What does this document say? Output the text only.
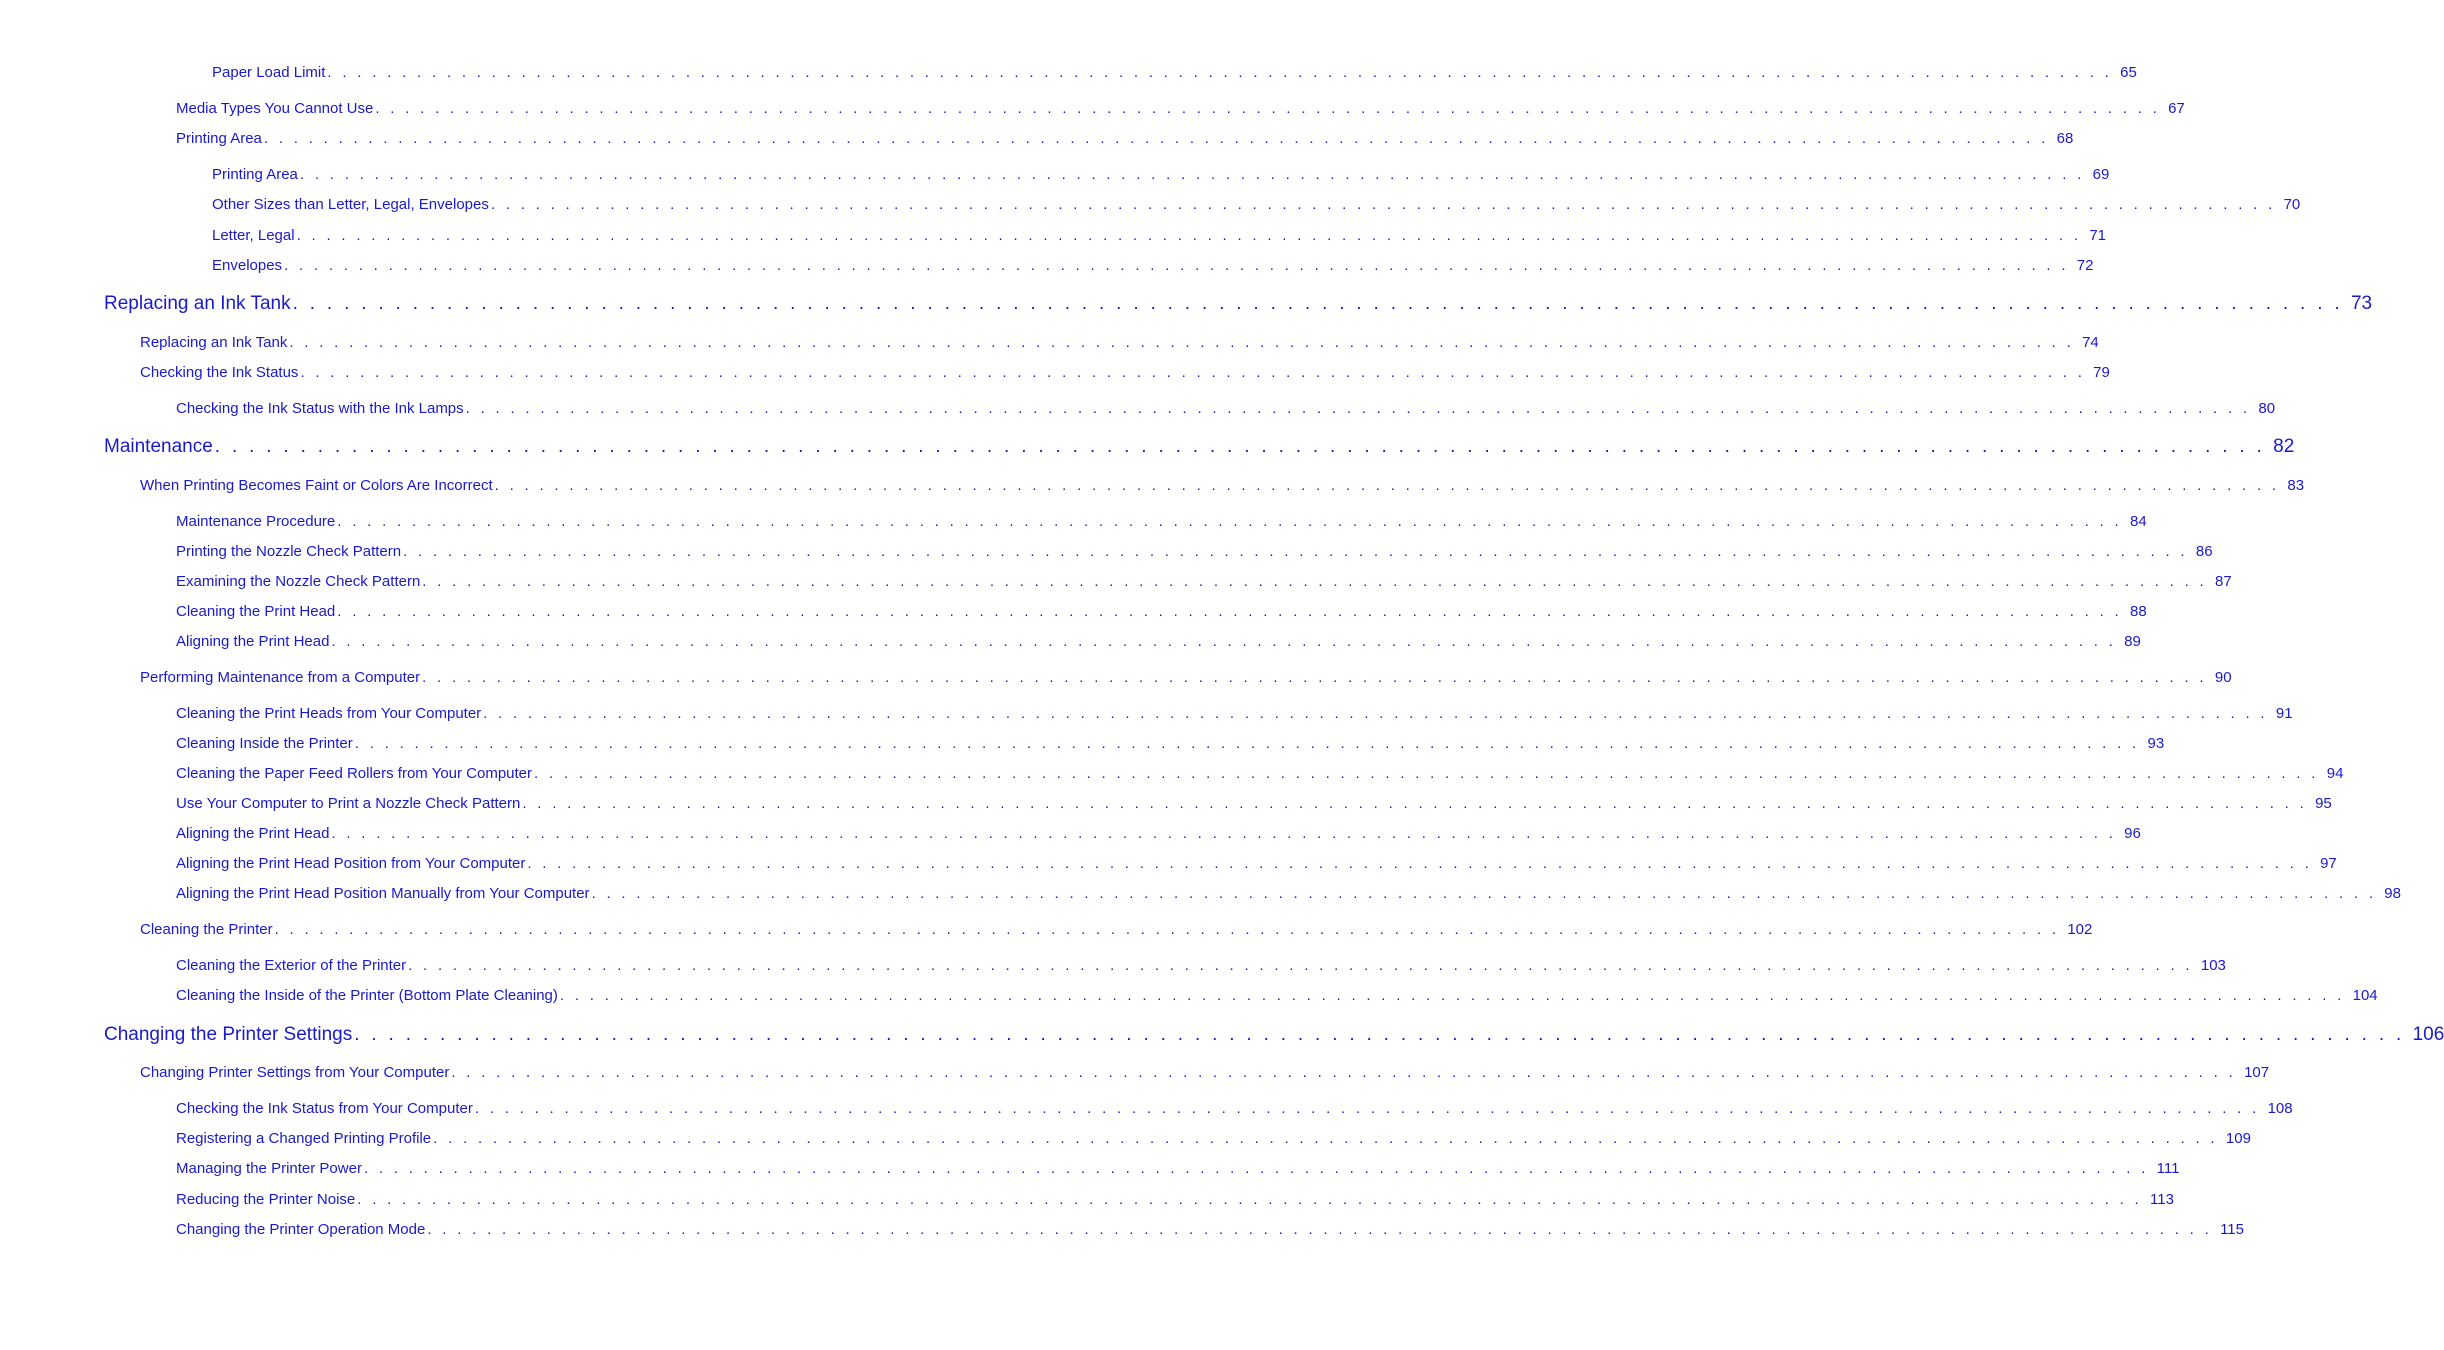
Paper Load Limit . . . . . . . . . . . . . . . . . . . . . . . . . . . . . . . . . . . . . . . . . . . . . . . . . . . . . . . . . . . . . . . . . . . . . . . . . . . . . . . . . . . . . . . . . . . . . . . . . . . . . . . . . . . . . . . . . . . . . . . . 65
Media Types You Cannot Use . . . . . . . . . . . . . . . . . . . . . . . . . . . . . . . . . . . . . . . . . . . . . . . . . . . . . . . . . . . . . . . . . . . . . . . . . . . . . . . . . . . . . . . . . . . . . . . . . . . . . . . . . . . . . . . . . . . . . . . . 67
Printing Area . . . . . . . . . . . . . . . . . . . . . . . . . . . . . . . . . . . . . . . . . . . . . . . . . . . . . . . . . . . . . . . . . . . . . . . . . . . . . . . . . . . . . . . . . . . . . . . . . . . . . . . . . . . . . . . . . . . . . . . . 68
Printing Area . . . . . . . . . . . . . . . . . . . . . . . . . . . . . . . . . . . . . . . . . . . . . . . . . . . . . . . . . . . . . . . . . . . . . . . . . . . . . . . . . . . . . . . . . . . . . . . . . . . . . . . . . . . . . . . . . . . . . . . . 69
Other Sizes than Letter, Legal, Envelopes . . . . . . . . . . . . . . . . . . . . . . . . . . . . . . . . . . . . . . . . . . . . . . . . . . . . . . . . . . . . . . . . . . . . . . . . . . . . . . . . . . . . . . . . . . . . . . . . . . . . . . . . . . . . . . . . . . . . . . . . 70
Letter, Legal . . . . . . . . . . . . . . . . . . . . . . . . . . . . . . . . . . . . . . . . . . . . . . . . . . . . . . . . . . . . . . . . . . . . . . . . . . . . . . . . . . . . . . . . . . . . . . . . . . . . . . . . . . . . . . . . . . . . . . . . 71
Envelopes . . . . . . . . . . . . . . . . . . . . . . . . . . . . . . . . . . . . . . . . . . . . . . . . . . . . . . . . . . . . . . . . . . . . . . . . . . . . . . . . . . . . . . . . . . . . . . . . . . . . . . . . . . . . . . . . . . . . . . . . 72
Replacing an Ink Tank . . . . . . . . . . . . . . . . . . . . . . . . . . . . . . . . . . . . . . . . . . . . . . . . . . . . . . . . . . . . . . . . . . . . . . . . . . . . . . . . . . . . . . . . . . . . . . . . . . . . . . . . . . . . . . . . . . . . . . . . 73
Replacing an Ink Tank . . . . . . . . . . . . . . . . . . . . . . . . . . . . . . . . . . . . . . . . . . . . . . . . . . . . . . . . . . . . . . . . . . . . . . . . . . . . . . . . . . . . . . . . . . . . . . . . . . . . . . . . . . . . . . . . . . . . . . . . 74
Checking the Ink Status . . . . . . . . . . . . . . . . . . . . . . . . . . . . . . . . . . . . . . . . . . . . . . . . . . . . . . . . . . . . . . . . . . . . . . . . . . . . . . . . . . . . . . . . . . . . . . . . . . . . . . . . . . . . . . . . . . . . . . . . 79
Checking the Ink Status with the Ink Lamps . . . . . . . . . . . . . . . . . . . . . . . . . . . . . . . . . . . . . . . . . . . . . . . . . . . . . . . . . . . . . . . . . . . . . . . . . . . . . . . . . . . . . . . . . . . . . . . . . . . . . . . . . . . . . . . . . . . . . . . . 80
Maintenance . . . . . . . . . . . . . . . . . . . . . . . . . . . . . . . . . . . . . . . . . . . . . . . . . . . . . . . . . . . . . . . . . . . . . . . . . . . . . . . . . . . . . . . . . . . . . . . . . . . . . . . . . . . . . . . . . . . . . . . . 82
When Printing Becomes Faint or Colors Are Incorrect . . . . . . . . . . . . . . . . . . . . . . . . . . . . . . . . . . . . . . . . . . . . . . . . . . . . . . . . . . . . . . . . . . . . . . . . . . . . . . . . . . . . . . . . . . . . . . . . . . . . . . . . . . . . . . . . . . . . . . . . 83
Maintenance Procedure . . . . . . . . . . . . . . . . . . . . . . . . . . . . . . . . . . . . . . . . . . . . . . . . . . . . . . . . . . . . . . . . . . . . . . . . . . . . . . . . . . . . . . . . . . . . . . . . . . . . . . . . . . . . . . . . . . . . . . . . 84
Printing the Nozzle Check Pattern . . . . . . . . . . . . . . . . . . . . . . . . . . . . . . . . . . . . . . . . . . . . . . . . . . . . . . . . . . . . . . . . . . . . . . . . . . . . . . . . . . . . . . . . . . . . . . . . . . . . . . . . . . . . . . . . . . . . . . . . 86
Examining the Nozzle Check Pattern . . . . . . . . . . . . . . . . . . . . . . . . . . . . . . . . . . . . . . . . . . . . . . . . . . . . . . . . . . . . . . . . . . . . . . . . . . . . . . . . . . . . . . . . . . . . . . . . . . . . . . . . . . . . . . . . . . . . . . . . 87
Cleaning the Print Head . . . . . . . . . . . . . . . . . . . . . . . . . . . . . . . . . . . . . . . . . . . . . . . . . . . . . . . . . . . . . . . . . . . . . . . . . . . . . . . . . . . . . . . . . . . . . . . . . . . . . . . . . . . . . . . . . . . . . . . . 88
Aligning the Print Head . . . . . . . . . . . . . . . . . . . . . . . . . . . . . . . . . . . . . . . . . . . . . . . . . . . . . . . . . . . . . . . . . . . . . . . . . . . . . . . . . . . . . . . . . . . . . . . . . . . . . . . . . . . . . . . . . . . . . . . . 89
Performing Maintenance from a Computer . . . . . . . . . . . . . . . . . . . . . . . . . . . . . . . . . . . . . . . . . . . . . . . . . . . . . . . . . . . . . . . . . . . . . . . . . . . . . . . . . . . . . . . . . . . . . . . . . . . . . . . . . . . . . . . . . . . . . . . . 90
Cleaning the Print Heads from Your Computer . . . . . . . . . . . . . . . . . . . . . . . . . . . . . . . . . . . . . . . . . . . . . . . . . . . . . . . . . . . . . . . . . . . . . . . . . . . . . . . . . . . . . . . . . . . . . . . . . . . . . . . . . . . . . . . . . . . . . . . . 91
Cleaning Inside the Printer . . . . . . . . . . . . . . . . . . . . . . . . . . . . . . . . . . . . . . . . . . . . . . . . . . . . . . . . . . . . . . . . . . . . . . . . . . . . . . . . . . . . . . . . . . . . . . . . . . . . . . . . . . . . . . . . . . . . . . . . 93
Cleaning the Paper Feed Rollers from Your Computer . . . . . . . . . . . . . . . . . . . . . . . . . . . . . . . . . . . . . . . . . . . . . . . . . . . . . . . . . . . . . . . . . . . . . . . . . . . . . . . . . . . . . . . . . . . . . . . . . . . . . . . . . . . . . . . . . . . . . . . . 94
Use Your Computer to Print a Nozzle Check Pattern . . . . . . . . . . . . . . . . . . . . . . . . . . . . . . . . . . . . . . . . . . . . . . . . . . . . . . . . . . . . . . . . . . . . . . . . . . . . . . . . . . . . . . . . . . . . . . . . . . . . . . . . . . . . . . . . . . . . . . . . 95
Aligning the Print Head . . . . . . . . . . . . . . . . . . . . . . . . . . . . . . . . . . . . . . . . . . . . . . . . . . . . . . . . . . . . . . . . . . . . . . . . . . . . . . . . . . . . . . . . . . . . . . . . . . . . . . . . . . . . . . . . . . . . . . . . 96
Aligning the Print Head Position from Your Computer . . . . . . . . . . . . . . . . . . . . . . . . . . . . . . . . . . . . . . . . . . . . . . . . . . . . . . . . . . . . . . . . . . . . . . . . . . . . . . . . . . . . . . . . . . . . . . . . . . . . . . . . . . . . . . . . . . . . . . . . 97
Aligning the Print Head Position Manually from Your Computer . . . . . . . . . . . . . . . . . . . . . . . . . . . . . . . . . . . . . . . . . . . . . . . . . . . . . . . . . . . . . . . . . . . . . . . . . . . . . . . . . . . . . . . . . . . . . . . . . . . . . . . . . . . . . . . . . . . . . . . . 98
Cleaning the Printer . . . . . . . . . . . . . . . . . . . . . . . . . . . . . . . . . . . . . . . . . . . . . . . . . . . . . . . . . . . . . . . . . . . . . . . . . . . . . . . . . . . . . . . . . . . . . . . . . . . . . . . . . . . . . . . . . . . . . . . . 102
Cleaning the Exterior of the Printer . . . . . . . . . . . . . . . . . . . . . . . . . . . . . . . . . . . . . . . . . . . . . . . . . . . . . . . . . . . . . . . . . . . . . . . . . . . . . . . . . . . . . . . . . . . . . . . . . . . . . . . . . . . . . . . . . . . . . . . . 103
Cleaning the Inside of the Printer (Bottom Plate Cleaning) . . . . . . . . . . . . . . . . . . . . . . . . . . . . . . . . . . . . . . . . . . . . . . . . . . . . . . . . . . . . . . . . . . . . . . . . . . . . . . . . . . . . . . . . . . . . . . . . . . . . . . . . . . . . . . . . . . . . . . . . 104
Changing the Printer Settings . . . . . . . . . . . . . . . . . . . . . . . . . . . . . . . . . . . . . . . . . . . . . . . . . . . . . . . . . . . . . . . . . . . . . . . . . . . . . . . . . . . . . . . . . . . . . . . . . . . . . . . . . . . . . . . . . . . . . . . . 106
Changing Printer Settings from Your Computer . . . . . . . . . . . . . . . . . . . . . . . . . . . . . . . . . . . . . . . . . . . . . . . . . . . . . . . . . . . . . . . . . . . . . . . . . . . . . . . . . . . . . . . . . . . . . . . . . . . . . . . . . . . . . . . . . . . . . . . . 107
Checking the Ink Status from Your Computer . . . . . . . . . . . . . . . . . . . . . . . . . . . . . . . . . . . . . . . . . . . . . . . . . . . . . . . . . . . . . . . . . . . . . . . . . . . . . . . . . . . . . . . . . . . . . . . . . . . . . . . . . . . . . . . . . . . . . . . . 108
Registering a Changed Printing Profile . . . . . . . . . . . . . . . . . . . . . . . . . . . . . . . . . . . . . . . . . . . . . . . . . . . . . . . . . . . . . . . . . . . . . . . . . . . . . . . . . . . . . . . . . . . . . . . . . . . . . . . . . . . . . . . . . . . . . . . . 109
Managing the Printer Power . . . . . . . . . . . . . . . . . . . . . . . . . . . . . . . . . . . . . . . . . . . . . . . . . . . . . . . . . . . . . . . . . . . . . . . . . . . . . . . . . . . . . . . . . . . . . . . . . . . . . . . . . . . . . . . . . . . . . . . . 111
Reducing the Printer Noise . . . . . . . . . . . . . . . . . . . . . . . . . . . . . . . . . . . . . . . . . . . . . . . . . . . . . . . . . . . . . . . . . . . . . . . . . . . . . . . . . . . . . . . . . . . . . . . . . . . . . . . . . . . . . . . . . . . . . . . . 113
Changing the Printer Operation Mode . . . . . . . . . . . . . . . . . . . . . . . . . . . . . . . . . . . . . . . . . . . . . . . . . . . . . . . . . . . . . . . . . . . . . . . . . . . . . . . . . . . . . . . . . . . . . . . . . . . . . . . . . . . . . . . . . . . . . . . . 115
